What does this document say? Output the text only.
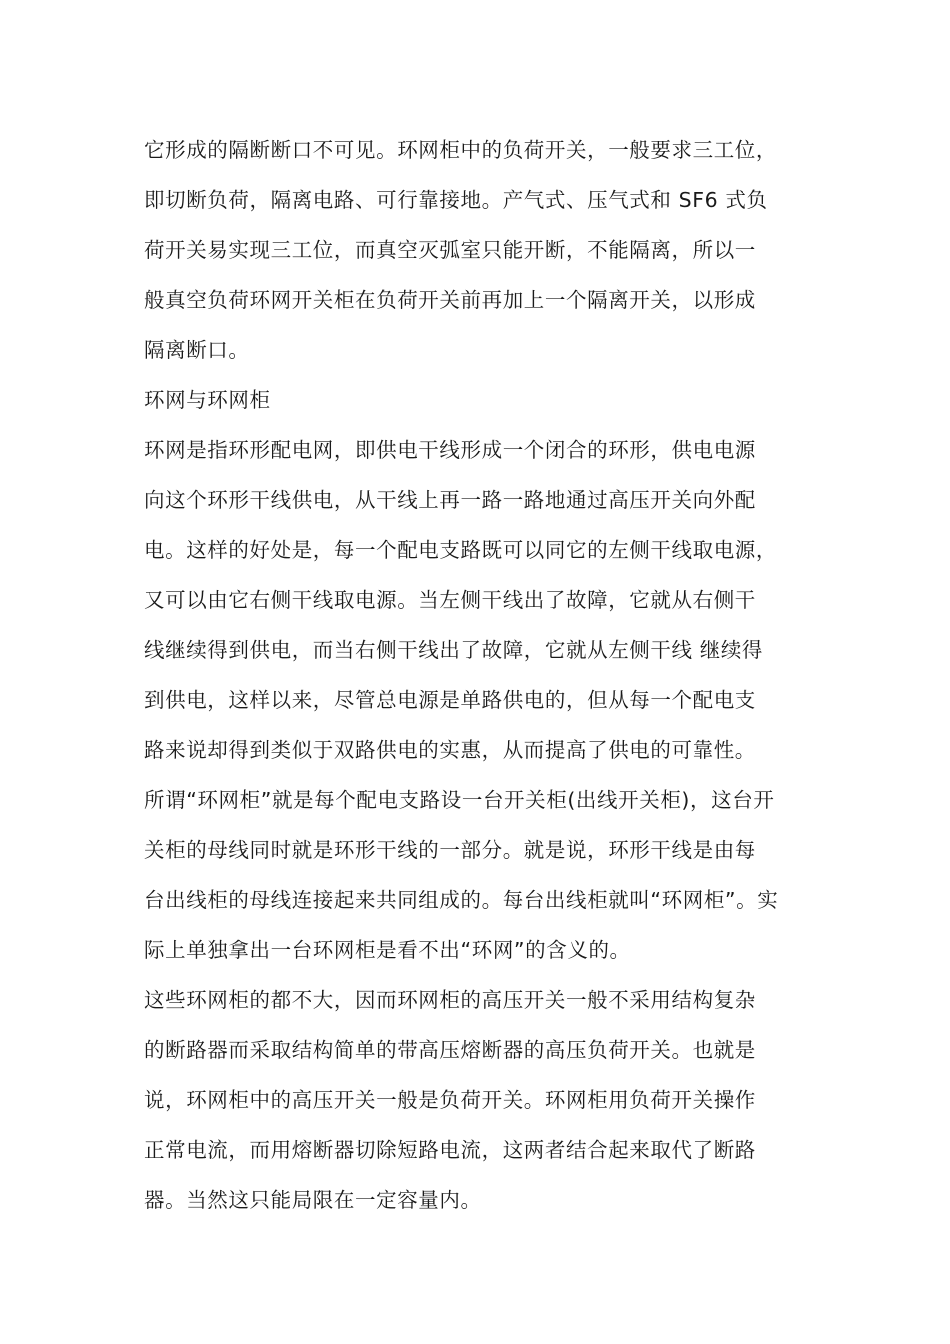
它形成的隔断断口不可见。环网柜中的负荷开关，一般要求三工位，
即切断负荷，隔离电路、可行靠接地。产气式、压气式和 SF6 式负
荷开关易实现三工位，而真空灭弧室只能开断，不能隔离，所以一
般真空负荷环网开关柜在负荷开关前再加上一个隔离开关，以形成
隔离断口。

环网与环网柜

环网是指环形配电网，即供电干线形成一个闭合的环形，供电电源
向这个环形干线供电，从干线上再一路一路地通过高压开关向外配
电。这样的好处是，每一个配电支路既可以同它的左侧干线取电源，
又可以由它右侧干线取电源。当左侧干线出了故障，它就从右侧干
线继续得到供电，而当右侧干线出了故障，它就从左侧干线 继续得
到供电，这样以来，尽管总电源是单路供电的，但从每一个配电支
路来说却得到类似于双路供电的实惠，从而提高了供电的可靠性。

所谓“环网柜”就是每个配电支路设一台开关柜(出线开关柜)，这台开
关柜的母线同时就是环形干线的一部分。就是说，环形干线是由每
台出线柜的母线连接起来共同组成的。每台出线柜就叫“环网柜”。实
际上单独拿出一台环网柜是看不出“环网”的含义的。

这些环网柜的都不大，因而环网柜的高压开关一般不采用结构复杂
的断路器而采取结构简单的带高压熔断器的高压负荷开关。也就是
说，环网柜中的高压开关一般是负荷开关。环网柜用负荷开关操作
正常电流，而用熔断器切除短路电流，这两者结合起来取代了断路
器。当然这只能局限在一定容量内。
